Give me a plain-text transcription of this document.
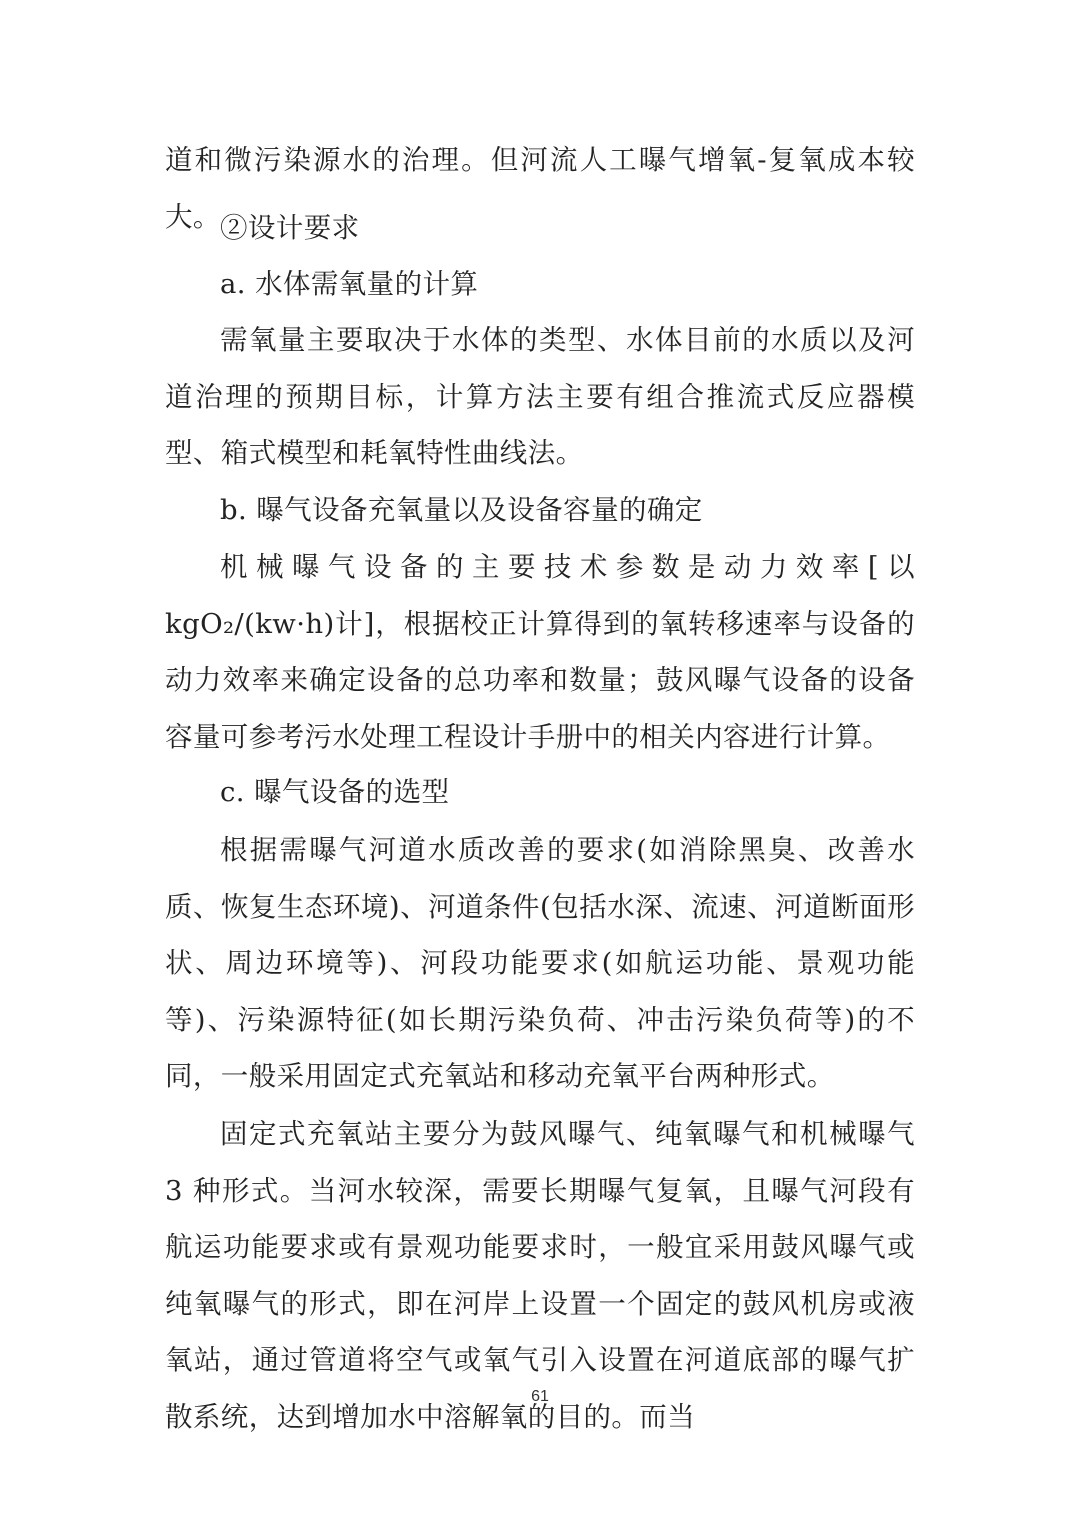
道和微污染源水的治理。但河流人工曝气增氧-复氧成本较大。 ②设计要求

a. 水体需氧量的计算

需氧量主要取决于水体的类型、水体目前的水质以及河道治理的预期目标，计算方法主要有组合推流式反应器模型、箱式模型和耗氧特性曲线法。

b. 曝气设备充氧量以及设备容量的确定

机械曝气设备的主要技术参数是动力效率[以 kgO₂/(kw·h)计]，根据校正计算得到的氧转移速率与设备的动力效率来确定设备的总功率和数量；鼓风曝气设备的设备容量可参考污水处理工程设计手册中的相关内容进行计算。

c. 曝气设备的选型

根据需曝气河道水质改善的要求(如消除黑臭、改善水质、恢复生态环境)、河道条件(包括水深、流速、河道断面形状、周边环境等)、河段功能要求(如航运功能、景观功能等)、污染源特征(如长期污染负荷、冲击污染负荷等)的不同，一般采用固定式充氧站和移动充氧平台两种形式。

固定式充氧站主要分为鼓风曝气、纯氧曝气和机械曝气 3 种形式。当河水较深，需要长期曝气复氧，且曝气河段有航运功能要求或有景观功能要求时，一般宜采用鼓风曝气或纯氧曝气的形式，即在河岸上设置一个固定的鼓风机房或液氧站，通过管道将空气或氧气引入设置在河道底部的曝气扩散系统，达到增加水中溶解氧的目的。而当

61
